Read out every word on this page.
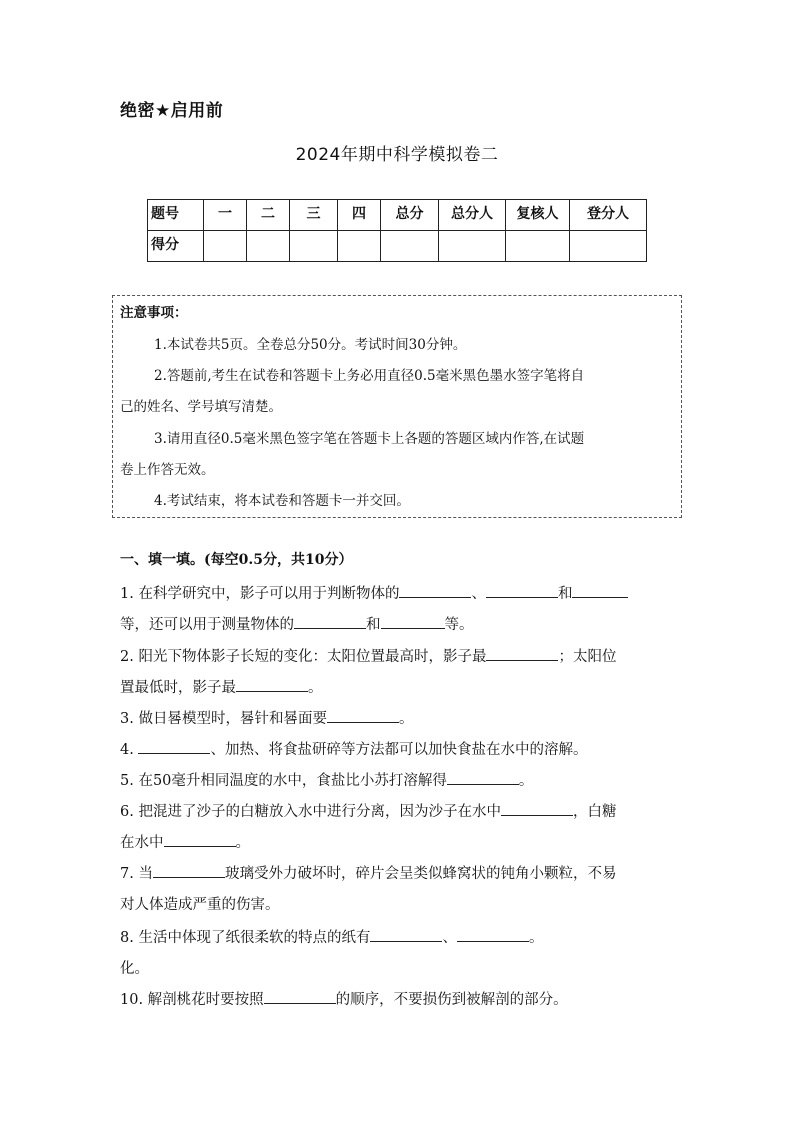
绝密★启用前
2024年期中科学模拟卷二
题号	一	二	三	四	总分	总分人	复核人	登分人
得分								
注意事项：
1.本试卷共5页。全卷总分50分。考试时间30分钟。
2.答题前,考生在试卷和答题卡上务必用直径0.5毫米黑色墨水签字笔将自
己的姓名、学号填写清楚。
3.请用直径0.5毫米黑色签字笔在答题卡上各题的答题区域内作答,在试题
卷上作答无效。
4.考试结束，将本试卷和答题卡一并交回。
一、填一填。(每空0.5分，共10分）
1. 在科学研究中，影子可以用于判断物体的	、	和
等，还可以用于测量物体的	和	等。
2. 阳光下物体影子长短的变化：太阳位置最高时，影子最	；太阳位
置最低时，影子最	。
3. 做日晷模型时，晷针和晷面要	。
4.	、加热、将食盐研碎等方法都可以加快食盐在水中的溶解。
5. 在50毫升相同温度的水中，食盐比小苏打溶解得	。
6. 把混进了沙子的白糖放入水中进行分离，因为沙子在水中	，白糖
在水中	。
7. 当	玻璃受外力破坏时，碎片会呈类似蜂窝状的钝角小颗粒，不易
对人体造成严重的伤害。
8. 生活中体现了纸很柔软的特点的纸有	、	。
化。
10. 解剖桃花时要按照	的顺序，不要损伤到被解剖的部分。
